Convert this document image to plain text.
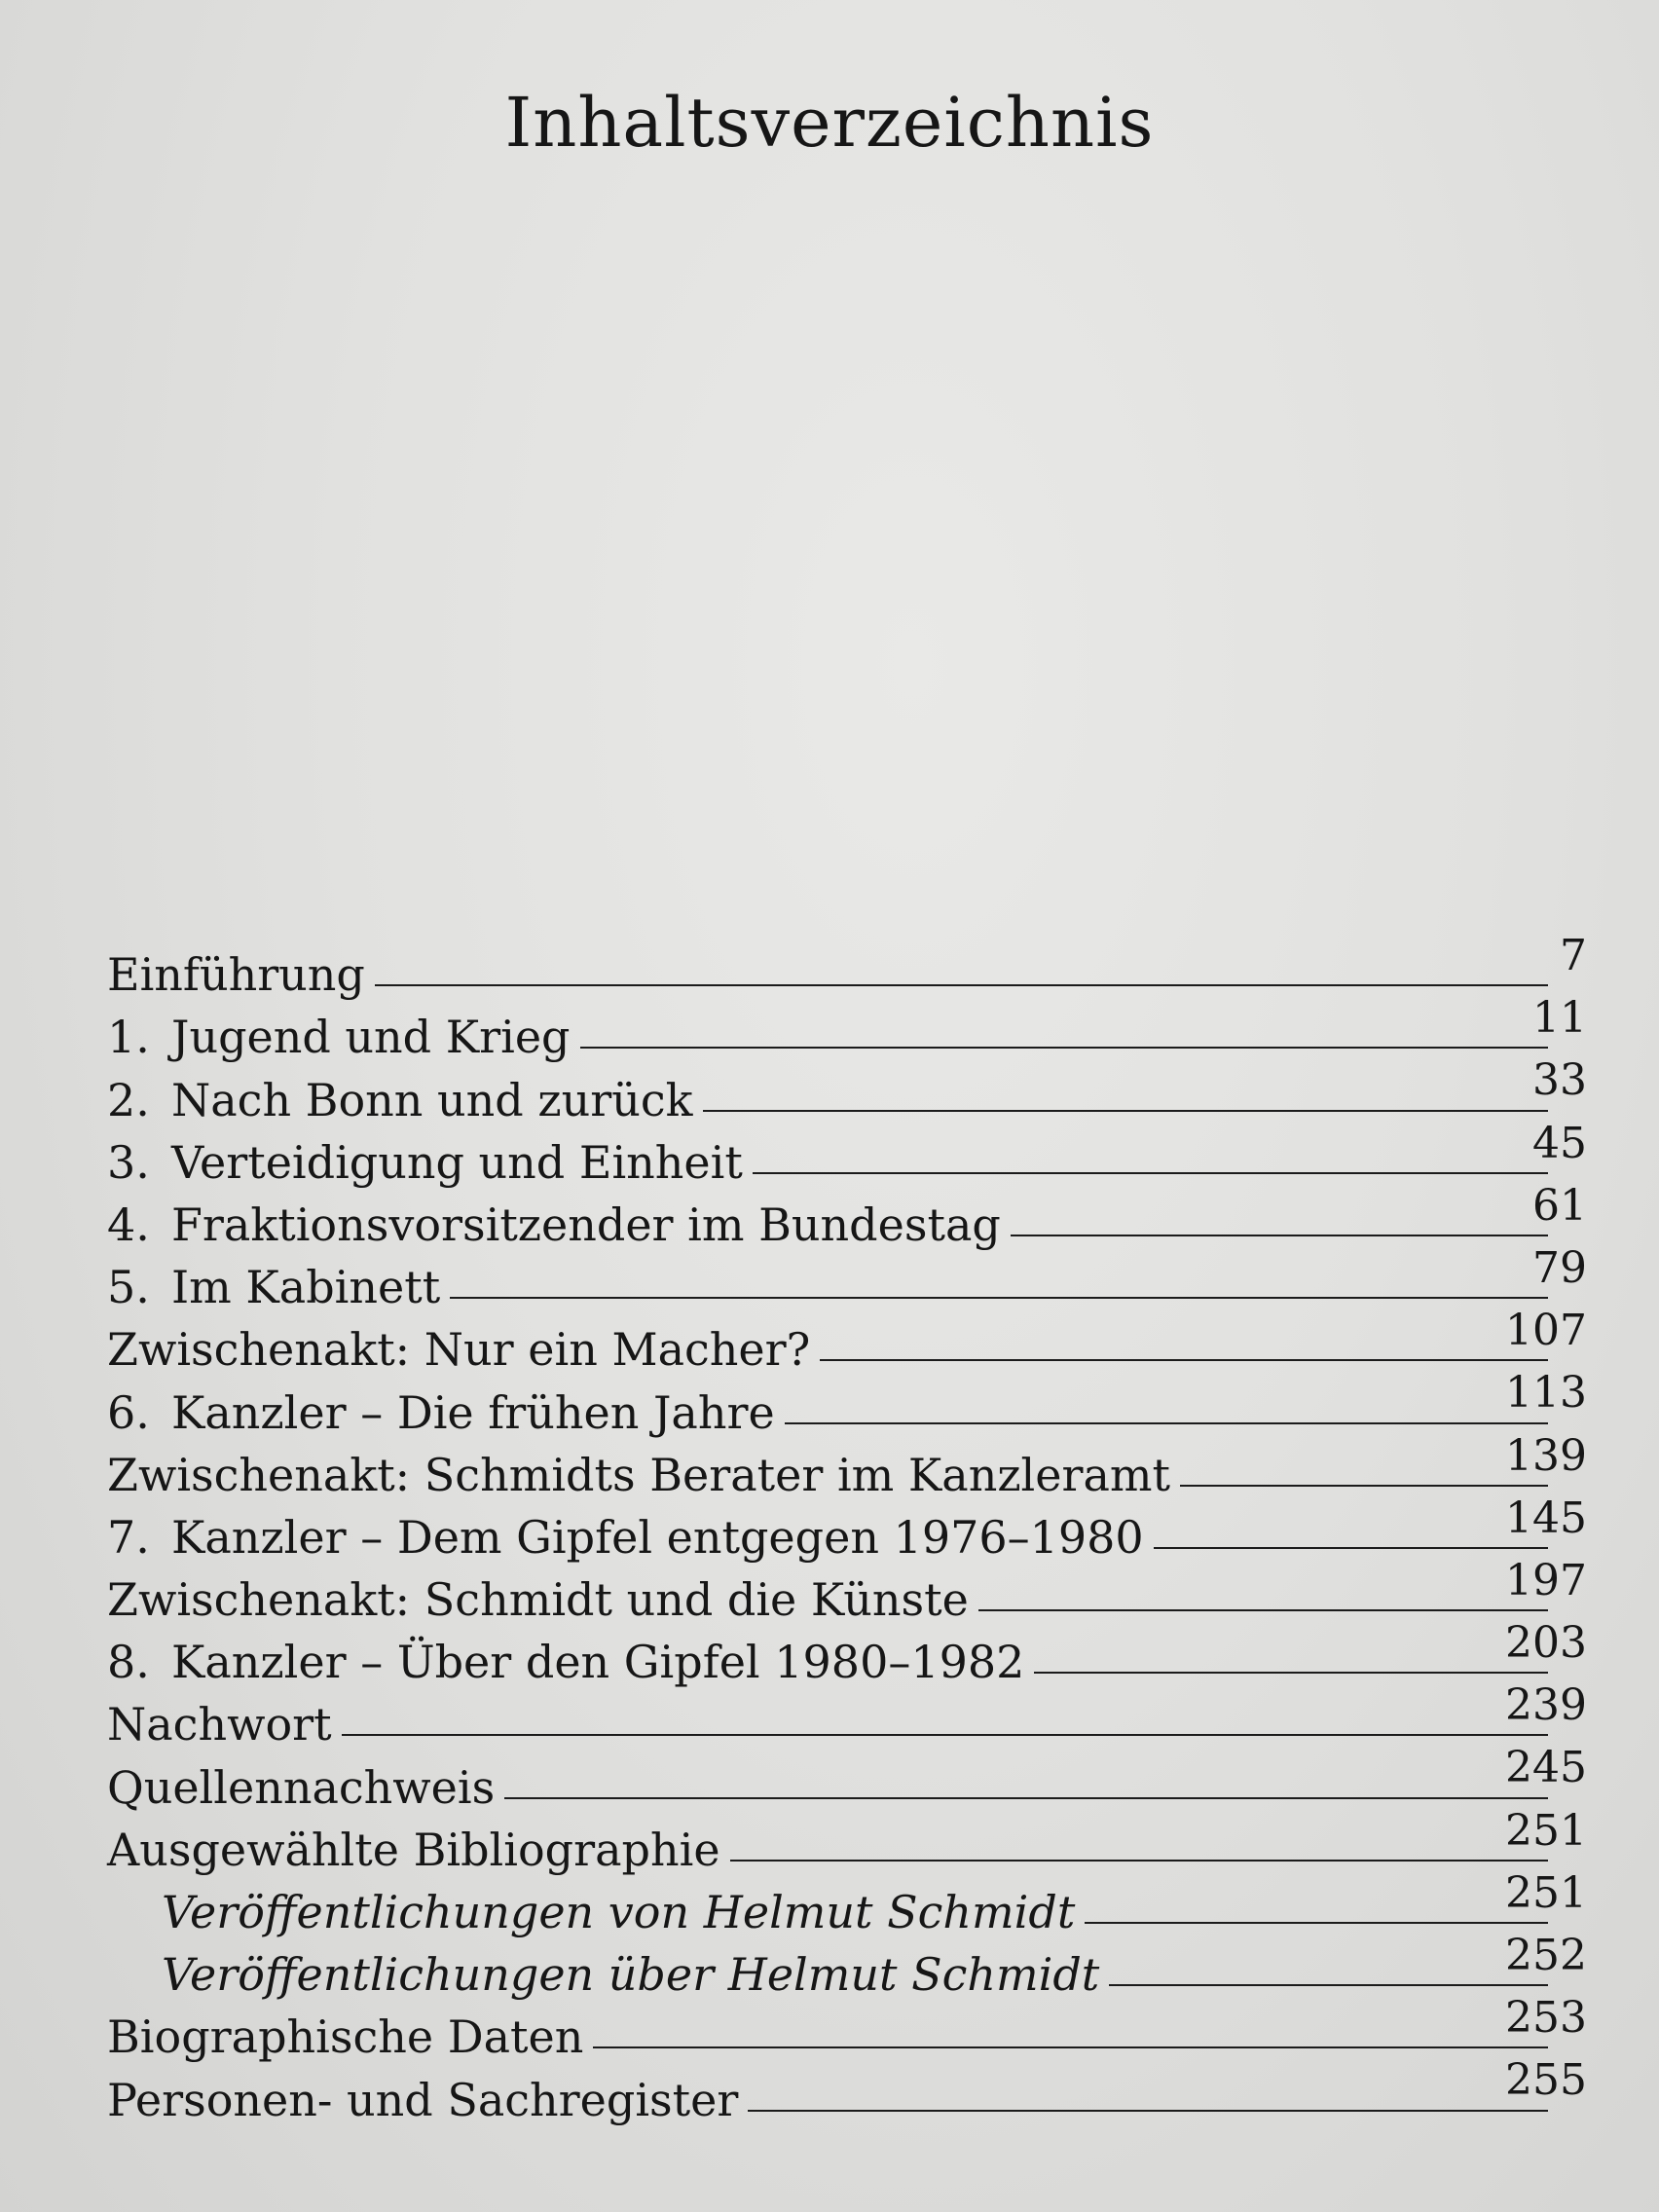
Inhaltsverzeichnis
Einführung	7
1. Jugend und Krieg	11
2. Nach Bonn und zurück	33
3. Verteidigung und Einheit	45
4. Fraktionsvorsitzender im Bundestag	61
5. Im Kabinett	79
Zwischenakt: Nur ein Macher?	107
6. Kanzler – Die frühen Jahre	113
Zwischenakt: Schmidts Berater im Kanzleramt	139
7. Kanzler – Dem Gipfel entgegen 1976–1980	145
Zwischenakt: Schmidt und die Künste	197
8. Kanzler – Über den Gipfel 1980–1982	203
Nachwort	239
Quellennachweis	245
Ausgewählte Bibliographie	251
Veröffentlichungen von Helmut Schmidt	251
Veröffentlichungen über Helmut Schmidt	252
Biographische Daten	253
Personen- und Sachregister	255
